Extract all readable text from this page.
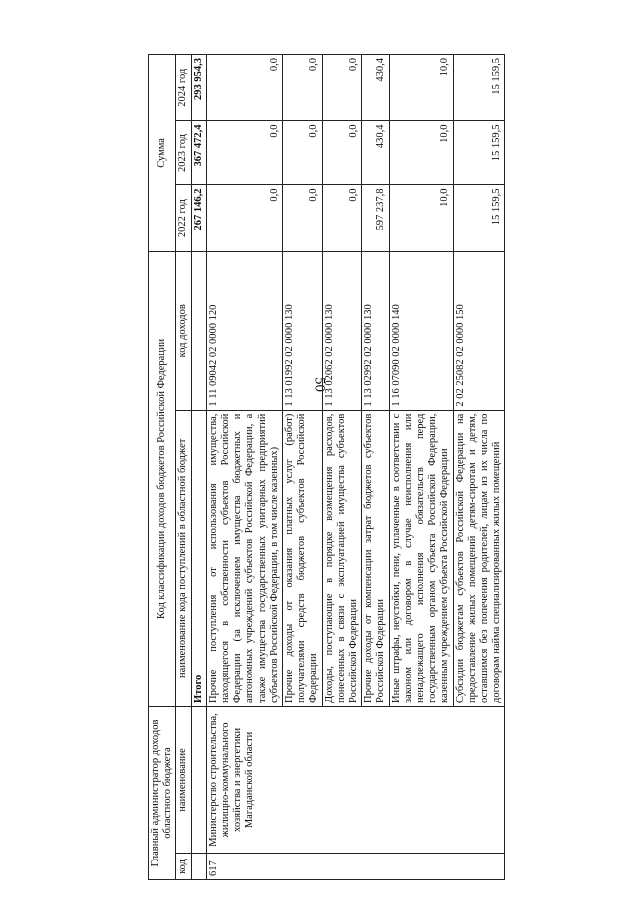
50
Главный администратор доходов областного бюджета		Код классификации доходов бюджетов Российской Федерации		Сумма		
код	наименование	наименование кода поступлений в областной бюджет	код доходов	2022 год	2023 год	2024 год
		Итого		267 146,2	367 472,4	293 954,3
617	Министерство строительства, жилищно-коммунального хозяйства и энергетики Магаданской области	Прочие поступления от использования имущества, находящегося в собственности субъектов Российской Федерации (за исключением имущества бюджетных и автономных учреждений субъектов Российской Федерации, а также имущества государственных унитарных предприятий субъектов Российской Федерации, в том числе казенных)	1 11 09042 02 0000 120	0,0	0,0	0,0
		Прочие доходы от оказания платных услуг (работ) получателями средств бюджетов субъектов Российской Федерации	1 13 01992 02 0000 130	0,0	0,0	0,0
		Доходы, поступающие в порядке возмещения расходов, понесенных в связи с эксплуатацией имущества субъектов Российской Федерации	1 13 02062 02 0000 130	0,0	0,0	0,0
		Прочие доходы от компенсации затрат бюджетов субъектов Российской Федерации	1 13 02992 02 0000 130	597 237,8	430,4	430,4
		Иные штрафы, неустойки, пени, уплаченные в соответствии с законом или договором в случае неисполнения или ненадлежащего исполнения обязательств перед государственным органом субъекта Российской Федерации, казенным учреждением субъекта Российской Федерации	1 16 07090 02 0000 140	10,0	10,0	10,0
		Субсидии бюджетам субъектов Российской Федерации на предоставление жилых помещений детям-сиротам и детям, оставшимся без попечения родителей, лицам из их числа по договорам найма специализированных жилых помещений	2 02 25082 02 0000 150	15 159,5	15 159,5	15 159,5
